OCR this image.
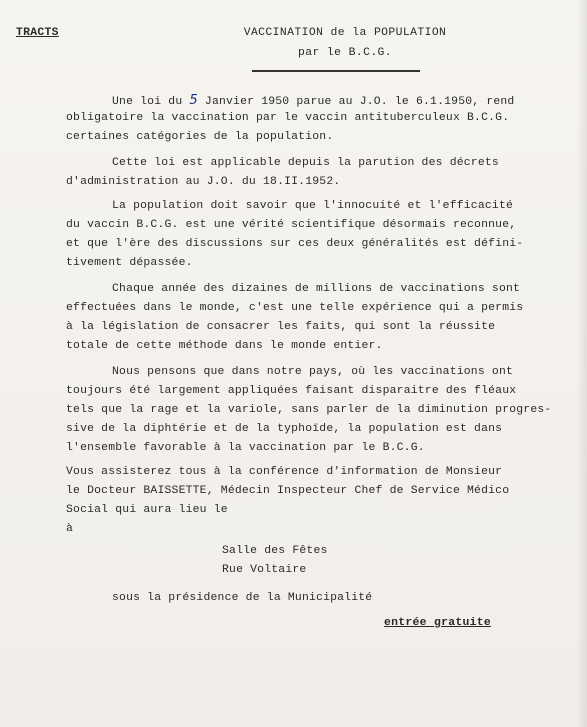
TRACTS	VACCINATION de la POPULATION
par le B.C.G.
Une loi du 5 Janvier 1950 parue au J.O. le 6.1.1950, rend
obligatoire la vaccination par le vaccin antituberculeux B.C.G.
certaines catégories de la population.
Cette loi est applicable depuis la parution des décrets
d'administration au J.O. du 18.II.1952.
La population doit savoir que l'innocuité et l'efficacité
du vaccin B.C.G. est une vérité scientifique désormais reconnue,
et que l'ère des discussions sur ces deux généralités est défini-
tivement dépassée.
Chaque année des dizaines de millions de vaccinations sont
effectuées dans le monde, c'est une telle expérience qui a permis
à la législation de consacrer les faits, qui sont la réussite
totale de cette méthode dans le monde entier.
Nous pensons que dans notre pays, où les vaccinations ont
toujours été largement appliquées faisant disparaitre des fléaux
tels que la rage et la variole, sans parler de la diminution progres-
sive de la diphtérie et de la typhoïde, la population est dans
l'ensemble favorable à la vaccination par le B.C.G.
Vous assisterez tous à la conférence d'information de Monsieur
le Docteur BAISSETTE, Médecin Inspecteur Chef de Service Médico
Social qui aura lieu le
à
Salle des Fêtes
Rue Voltaire
sous la présidence de la Municipalité
entrée gratuite
